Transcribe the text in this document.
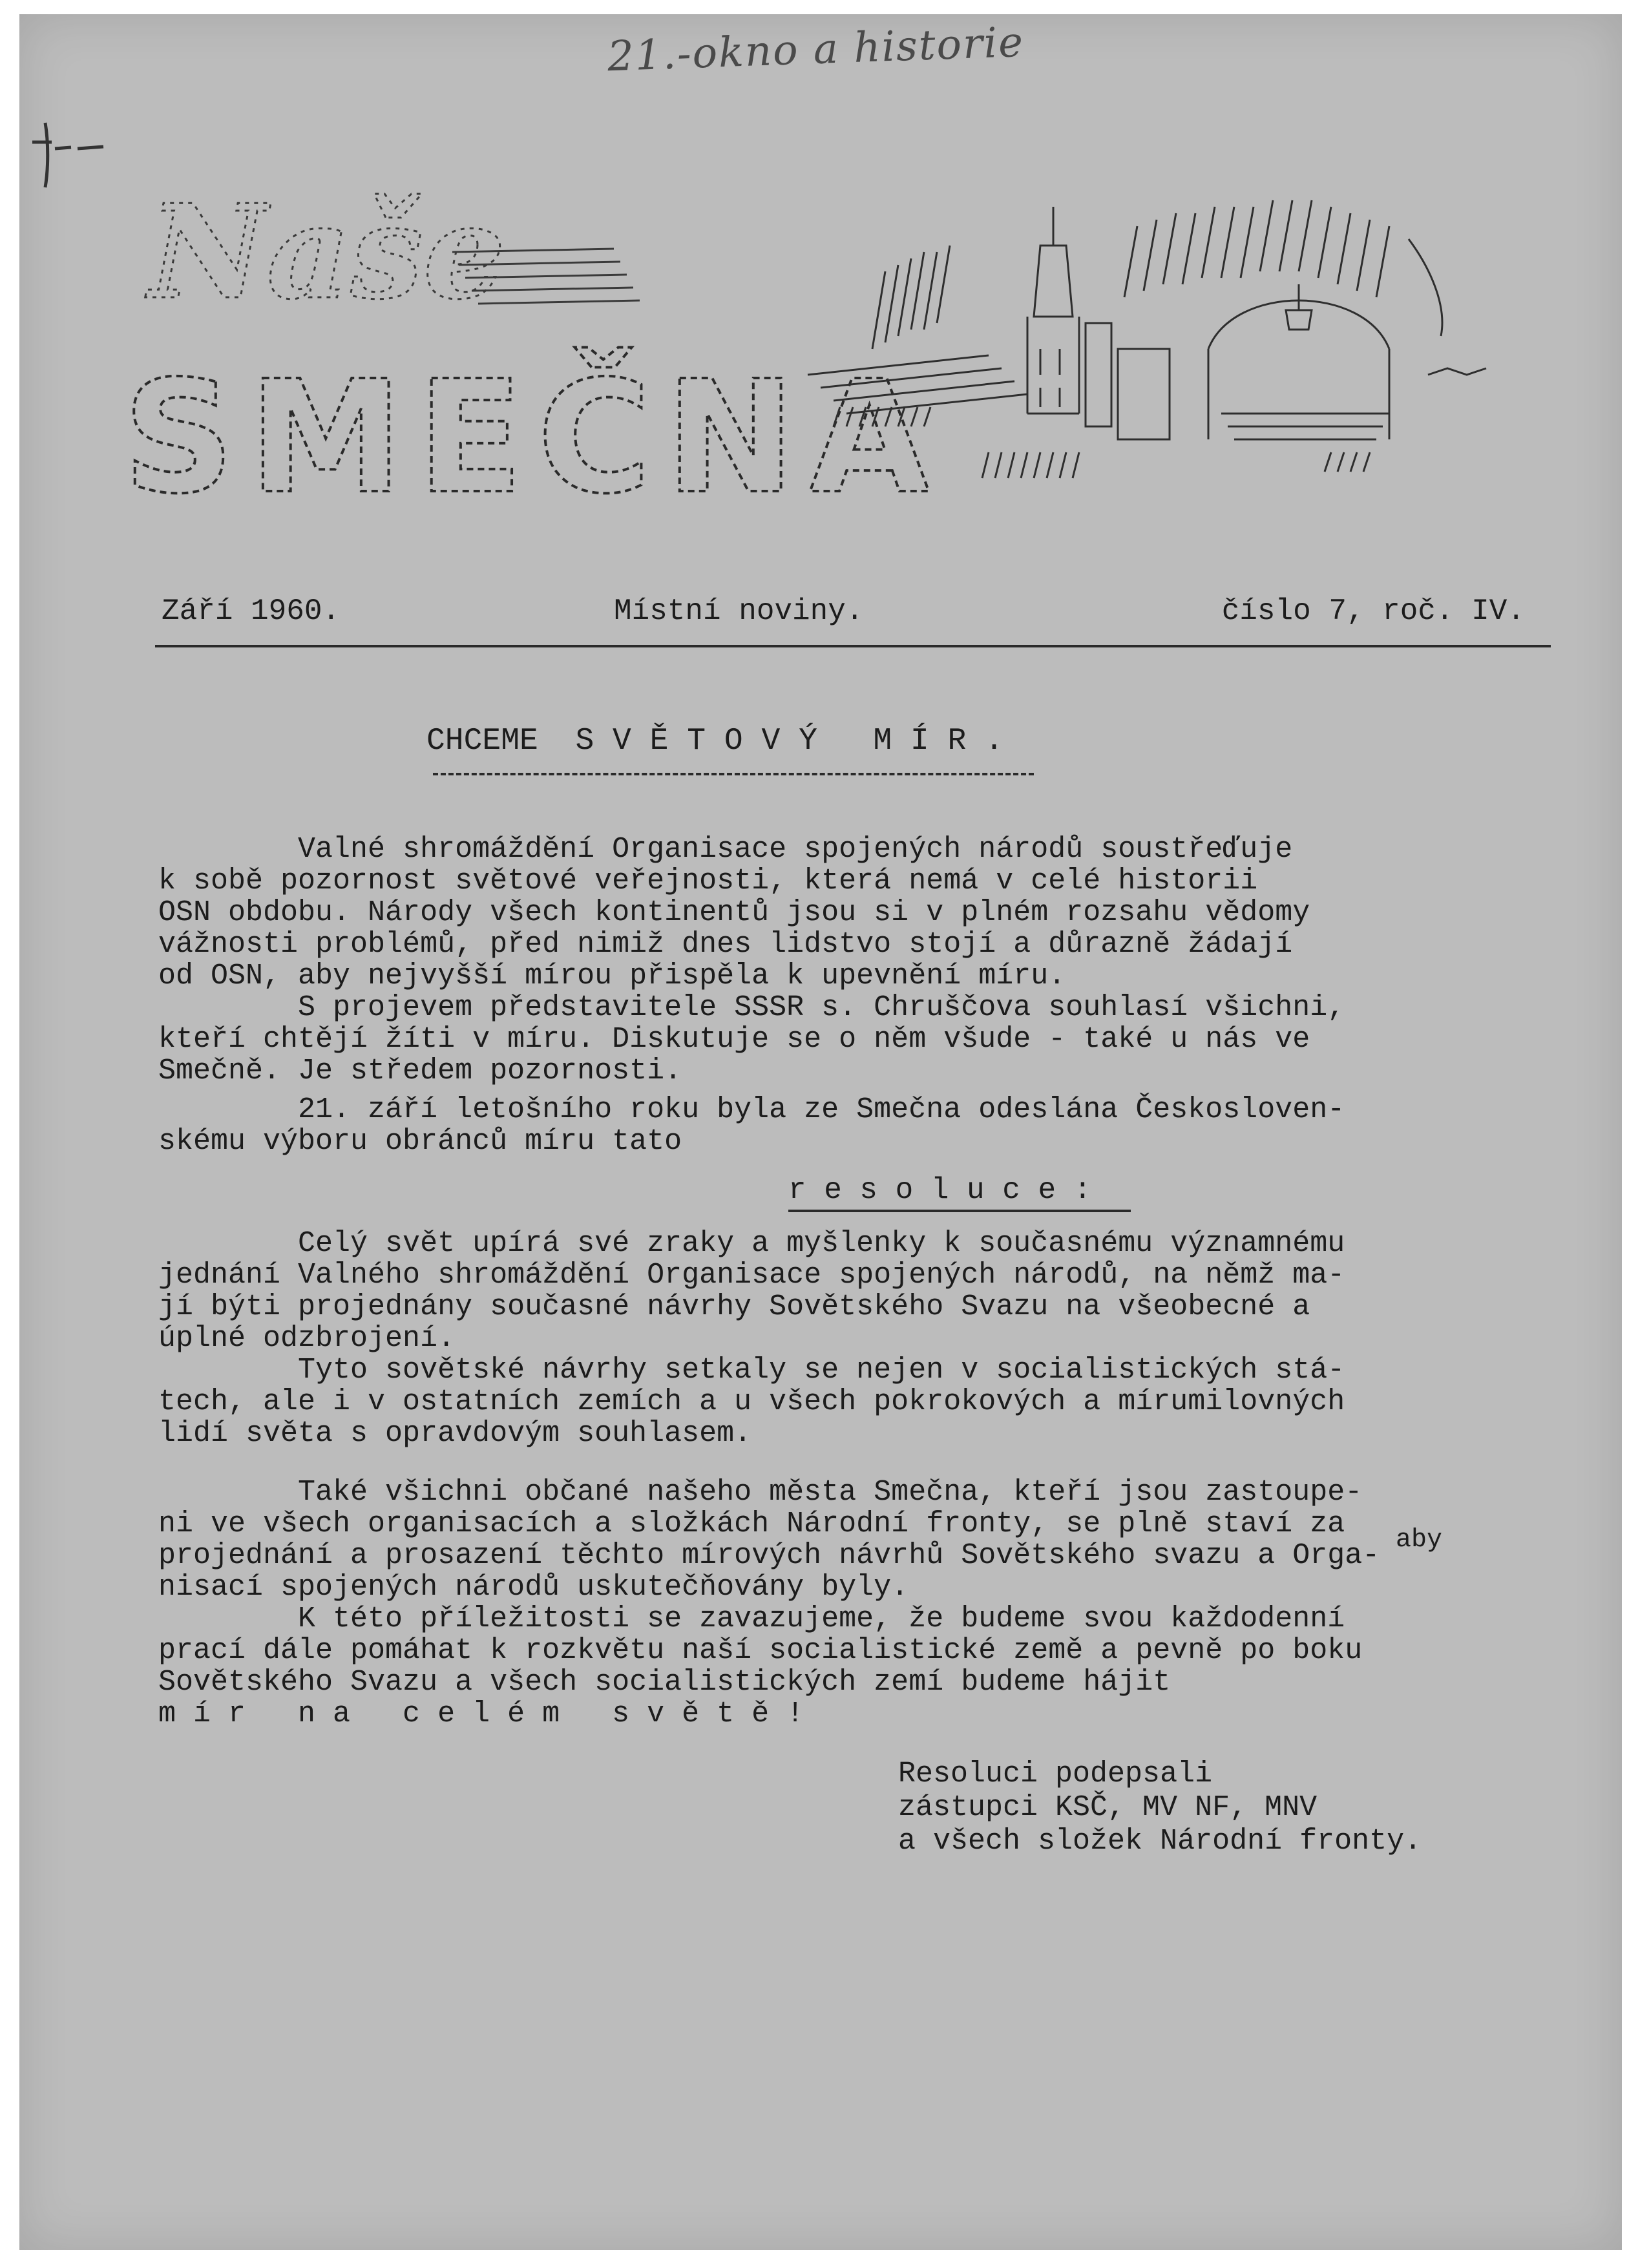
21.-okno a historie
Naše
SMEČNA
Září 1960.	Místní noviny.	číslo 7, roč. IV.
CHCEME  S V Ě T O V Ý   M Í R .
Valné shromáždění Organisace spojených národů soustřeďuje
k sobě pozornost světové veřejnosti, která nemá v celé historii
OSN obdobu. Národy všech kontinentů jsou si v plném rozsahu vědomy
vážnosti problémů, před nimiž dnes lidstvo stojí a důrazně žádají
od OSN, aby nejvyšší mírou přispěla k upevnění míru.
S projevem představitele SSSR s. Chruščova souhlasí všichni,
kteří chtějí žíti v míru. Diskutuje se o něm všude - také u nás ve
Smečně. Je středem pozornosti.
21. září letošního roku byla ze Smečna odeslána Českosloven-
skému výboru obránců míru tato
r e s o l u c e :
Celý svět upírá své zraky a myšlenky k současnému významnému
jednání Valného shromáždění Organisace spojených národů, na němž ma-
jí býti projednány současné návrhy Sovětského Svazu na všeobecné a
úplné odzbrojení.
Tyto sovětské návrhy setkaly se nejen v socialistických stá-
tech, ale i v ostatních zemích a u všech pokrokových a mírumilovných
lidí světa s opravdovým souhlasem.
Také všichni občané našeho města Smečna, kteří jsou zastoupe-
ni ve všech organisacích a složkách Národní fronty, se plně staví za
projednání a prosazení těchto mírových návrhů Sovětského svazu a Orga- aby
nisací spojených národů uskutečňovány byly.
K této příležitosti se zavazujeme, že budeme svou každodenní
prací dále pomáhat k rozkvětu naší socialistické země a pevně po boku
Sovětského Svazu a všech socialistických zemí budeme hájit
m í r   n a   c e l é m   s v ě t ě !
Resoluci podepsali
zástupci KSČ, MV NF, MNV
a všech složek Národní fronty.
